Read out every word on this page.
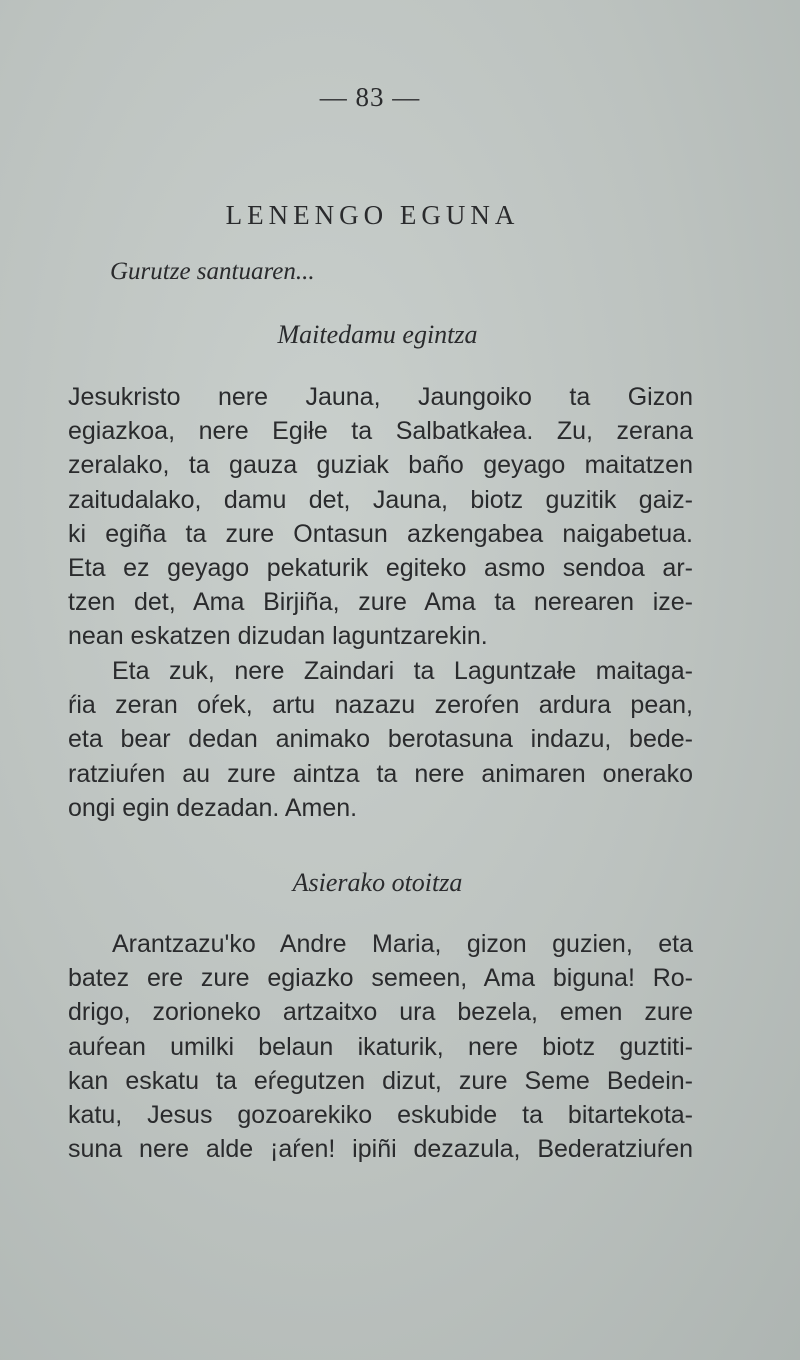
— 83 —
LENENGO EGUNA
Gurutze santuaren...
Maitedamu egintza
Jesukristo nere Jauna, Jaungoiko ta Gizon
egiazkoa, nere Egiłe ta Salbatkałea. Zu, zerana
zeralako, ta gauza guziak baño geyago maitatzen
zaitudalako, damu det, Jauna, biotz guzitik gaiz-
ki egiña ta zure Ontasun azkengabea naigabetua.
Eta ez geyago pekaturik egiteko asmo sendoa ar-
tzen det, Ama Birjiña, zure Ama ta nerearen ize-
nean eskatzen dizudan laguntzarekin.
Eta zuk, nere Zaindari ta Laguntzałe maitaga-
ŕia zeran oŕek, artu nazazu zeroŕen ardura pean,
eta bear dedan animako berotasuna indazu, bede-
ratziuŕen au zure aintza ta nere animaren onerako
ongi egin dezadan. Amen.
Asierako otoitza
Arantzazu'ko Andre Maria, gizon guzien, eta
batez ere zure egiazko semeen, Ama biguna! Ro-
drigo, zorioneko artzaitxo ura bezela, emen zure
auŕean umilki belaun ikaturik, nere biotz guztiti-
kan eskatu ta eŕegutzen dizut, zure Seme Bedein-
katu, Jesus gozoarekiko eskubide ta bitartekota-
suna nere alde ¡aŕen! ipiñi dezazula, Bederatziuŕen
